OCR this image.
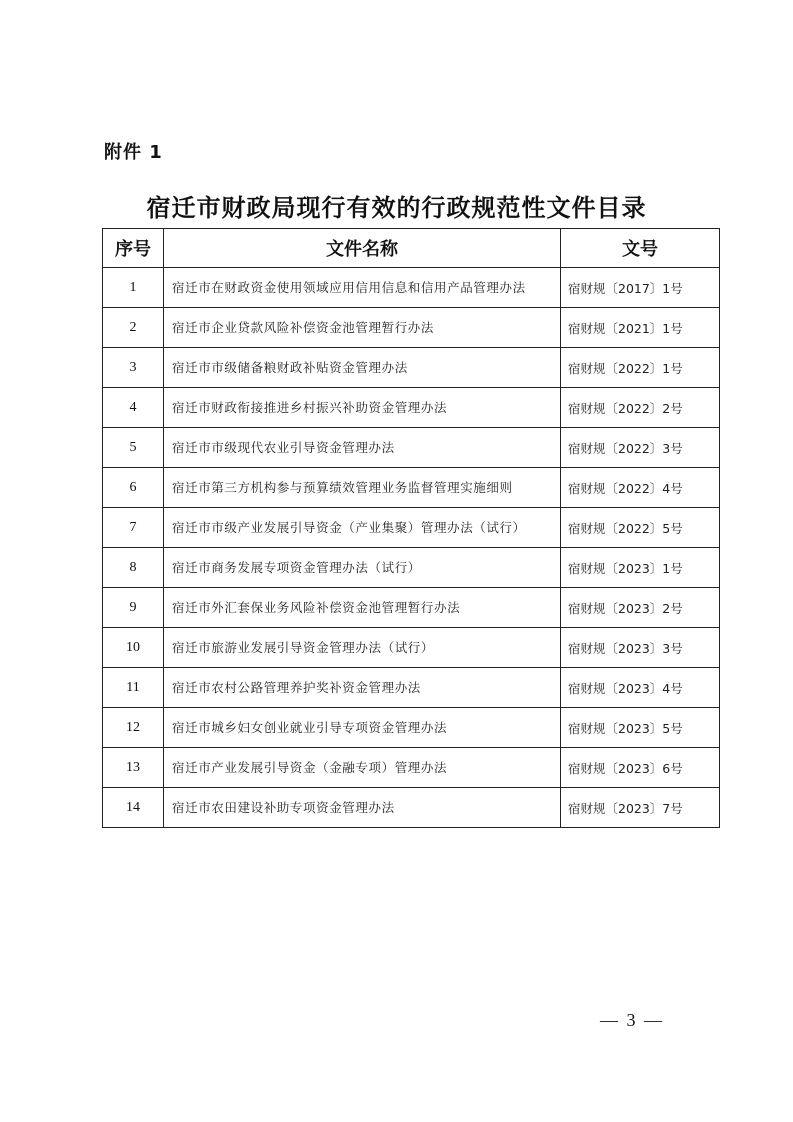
附件 1
宿迁市财政局现行有效的行政规范性文件目录
序号	文件名称	文号
1	宿迁市在财政资金使用领域应用信用信息和信用产品管理办法	宿财规〔2017〕1号
2	宿迁市企业贷款风险补偿资金池管理暂行办法	宿财规〔2021〕1号
3	宿迁市市级储备粮财政补贴资金管理办法	宿财规〔2022〕1号
4	宿迁市财政衔接推进乡村振兴补助资金管理办法	宿财规〔2022〕2号
5	宿迁市市级现代农业引导资金管理办法	宿财规〔2022〕3号
6	宿迁市第三方机构参与预算绩效管理业务监督管理实施细则	宿财规〔2022〕4号
7	宿迁市市级产业发展引导资金（产业集聚）管理办法（试行）	宿财规〔2022〕5号
8	宿迁市商务发展专项资金管理办法（试行）	宿财规〔2023〕1号
9	宿迁市外汇套保业务风险补偿资金池管理暂行办法	宿财规〔2023〕2号
10	宿迁市旅游业发展引导资金管理办法（试行）	宿财规〔2023〕3号
11	宿迁市农村公路管理养护奖补资金管理办法	宿财规〔2023〕4号
12	宿迁市城乡妇女创业就业引导专项资金管理办法	宿财规〔2023〕5号
13	宿迁市产业发展引导资金（金融专项）管理办法	宿财规〔2023〕6号
14	宿迁市农田建设补助专项资金管理办法	宿财规〔2023〕7号
— 3 —
